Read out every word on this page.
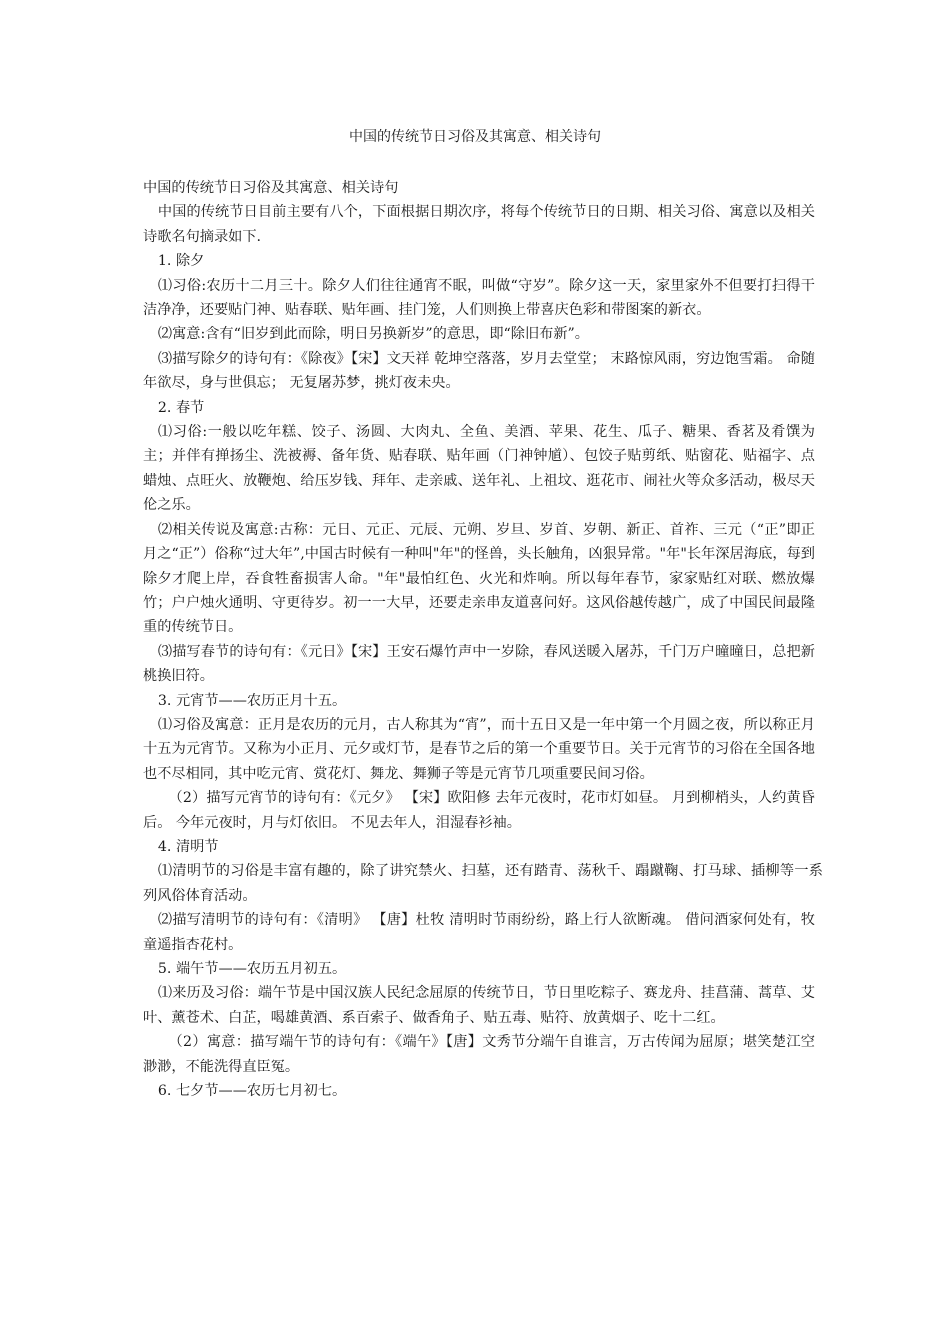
中国的传统节日习俗及其寓意、相关诗句

中国的传统节日习俗及其寓意、相关诗句

中国的传统节日目前主要有八个，下面根据日期次序，将每个传统节日的日期、相关习俗、寓意以及相关诗歌名句摘录如下.

1. 除夕

⑴习俗:农历十二月三十。除夕人们往往通宵不眠，叫做“守岁”。除夕这一天，家里家外不但要打扫得干洁净净，还要贴门神、贴春联、贴年画、挂门笼，人们则换上带喜庆色彩和带图案的新衣。

⑵寓意:含有“旧岁到此而除，明日另换新岁”的意思，即“除旧布新”。

⑶描写除夕的诗句有：《除夜》【宋】文天祥 乾坤空落落，岁月去堂堂； 末路惊风雨，穷边饱雪霜。 命随年欲尽，身与世俱忘； 无复屠苏梦，挑灯夜未央。

2. 春节

⑴习俗:一般以吃年糕、饺子、汤圆、大肉丸、全鱼、美酒、苹果、花生、瓜子、糖果、香茗及肴馔为主；并伴有掸扬尘、洗被褥、备年货、贴春联、贴年画（门神钟馗）、包饺子贴剪纸、贴窗花、贴福字、点蜡烛、点旺火、放鞭炮、给压岁钱、拜年、走亲戚、送年礼、上祖坟、逛花市、闹社火等众多活动，极尽天伦之乐。

⑵相关传说及寓意:古称：元日、元正、元辰、元朔、岁旦、岁首、岁朝、新正、首祚、三元（“正”即正月之“正”）俗称“过大年”,中国古时候有一种叫"年"的怪兽，头长触角，凶狠异常。"年"长年深居海底，每到除夕才爬上岸，吞食牲畜损害人命。"年"最怕红色、火光和炸响。所以每年春节，家家贴红对联、燃放爆竹；户户烛火通明、守更待岁。初一一大早，还要走亲串友道喜问好。这风俗越传越广，成了中国民间最隆重的传统节日。

⑶描写春节的诗句有：《元日》【宋】王安石爆竹声中一岁除，春风送暖入屠苏，千门万户曈曈日，总把新桃换旧符。

3. 元宵节——农历正月十五。

⑴习俗及寓意：正月是农历的元月，古人称其为“宵”，而十五日又是一年中第一个月圆之夜，所以称正月十五为元宵节。又称为小正月、元夕或灯节，是春节之后的第一个重要节日。关于元宵节的习俗在全国各地也不尽相同，其中吃元宵、赏花灯、舞龙、舞狮子等是元宵节几项重要民间习俗。

（2）描写元宵节的诗句有：《元夕》 【宋】欧阳修 去年元夜时，花市灯如昼。 月到柳梢头，人约黄昏后。 今年元夜时，月与灯依旧。 不见去年人，泪湿春衫袖。

4. 清明节

⑴清明节的习俗是丰富有趣的，除了讲究禁火、扫墓，还有踏青、荡秋千、蹋蹴鞠、打马球、插柳等一系列风俗体育活动。

⑵描写清明节的诗句有：《清明》 【唐】杜牧 清明时节雨纷纷，路上行人欲断魂。 借问酒家何处有，牧童遥指杏花村。

5. 端午节——农历五月初五。

⑴来历及习俗：端午节是中国汉族人民纪念屈原的传统节日，节日里吃粽子、赛龙舟、挂菖蒲、蒿草、艾叶、薰苍术、白芷，喝雄黄酒、系百索子、做香角子、贴五毒、贴符、放黄烟子、吃十二红。

（2）寓意：描写端午节的诗句有：《端午》【唐】文秀节分端午自谁言，万古传闻为屈原；堪笑楚江空渺渺，不能洗得直臣冤。

6. 七夕节——农历七月初七。
